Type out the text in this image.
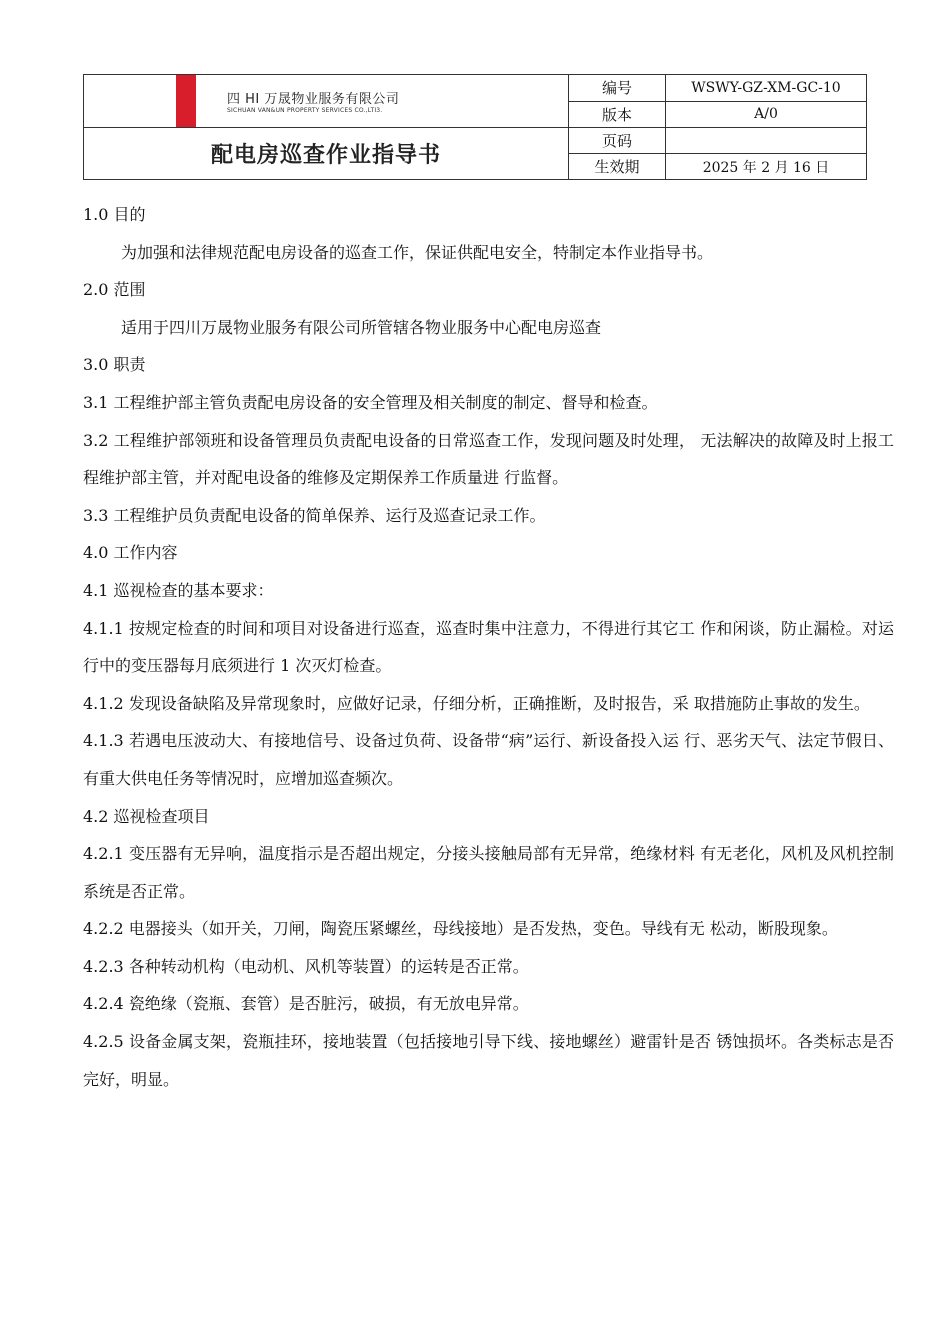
四 HI 万晟物业服务有限公司
SICHUAN VAN&UN PROPERTY SERVICES CO.,LTI3.	编号	WSWY-GZ-XM-GC-10
	版本	A/0
配电房巡查作业指导书	页码	
	生效期	2025 年 2 月 16 日

1.0 目的

为加强和法律规范配电房设备的巡查工作，保证供配电安全，特制定本作业指导书。

2.0 范围

适用于四川万晟物业服务有限公司所管辖各物业服务中心配电房巡查

3.0 职责

3.1 工程维护部主管负责配电房设备的安全管理及相关制度的制定、督导和检查。

3.2 工程维护部领班和设备管理员负责配电设备的日常巡查工作，发现问题及时处理， 无法解决的故障及时上报工程维护部主管，并对配电设备的维修及定期保养工作质量进 行监督。

3.3 工程维护员负责配电设备的简单保养、运行及巡查记录工作。

4.0 工作内容

4.1 巡视检查的基本要求：

4.1.1 按规定检查的时间和项目对设备进行巡查，巡查时集中注意力，不得进行其它工 作和闲谈，防止漏检。对运行中的变压器每月底须进行 1 次灭灯检查。

4.1.2 发现设备缺陷及异常现象时，应做好记录，仔细分析，正确推断，及时报告，采 取措施防止事故的发生。

4.1.3 若遇电压波动大、有接地信号、设备过负荷、设备带“病”运行、新设备投入运 行、恶劣天气、法定节假日、有重大供电任务等情况时，应增加巡查频次。

4.2 巡视检查项目

4.2.1 变压器有无异响，温度指示是否超出规定，分接头接触局部有无异常，绝缘材料 有无老化，风机及风机控制系统是否正常。

4.2.2 电器接头（如开关，刀闸，陶瓷压紧螺丝，母线接地）是否发热，变色。导线有无 松动，断股现象。

4.2.3 各种转动机构（电动机、风机等装置）的运转是否正常。

4.2.4 瓷绝缘（瓷瓶、套管）是否脏污，破损，有无放电异常。

4.2.5 设备金属支架，瓷瓶挂环，接地装置（包括接地引导下线、接地螺丝）避雷针是否 锈蚀损坏。各类标志是否完好，明显。
